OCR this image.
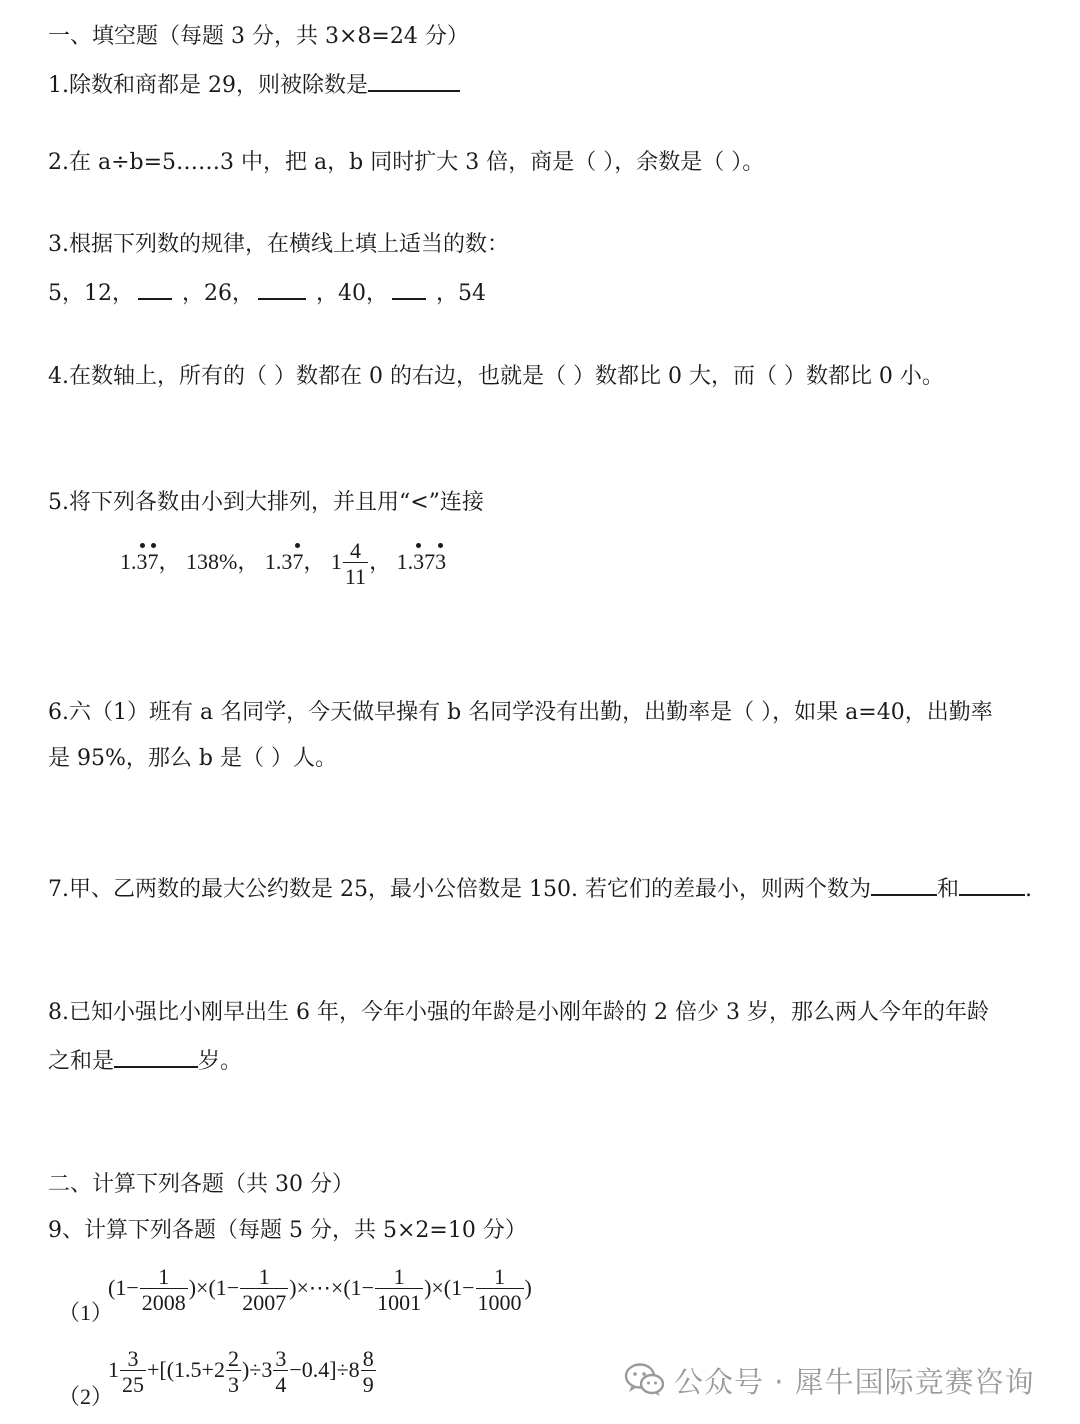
一、填空题（每题 3 分，共 3×8=24 分）
1.除数和商都是 29，则被除数是
2.在 a÷b=5……3 中，把 a，b 同时扩大 3 倍，商是（ ），余数是（ ）。
3.根据下列数的规律，在横线上填上适当的数：
5，12， ，26，	，40， ，54
4.在数轴上，所有的（ ）数都在 0 的右边，也就是（ ）数都比 0 大，而（ ）数都比 0 小。
5.将下列各数由小到大排列，并且用“<”连接
1.37， 138%， 1.37， $1 \frac{4}{11}$ ， 1.373
6.六（1）班有 a 名同学，今天做早操有 b 名同学没有出勤，出勤率是（ ），如果 a=40，出勤率
是 95%，那么 b 是（ ）人。
7.甲、乙两数的最大公约数是 25，最小公倍数是 150. 若它们的差最小，则两个数为	和	.
8.已知小强比小刚早出生 6 年，今年小强的年龄是小刚年龄的 2 倍少 3 岁，那么两人今年的年龄
之和是	岁。
二、计算下列各题（共 30 分）
9、计算下列各题（每题 5 分，共 5×2=10 分）
（1）
$(1- \frac{1}{2008} )\times(1- \frac{1}{2007}$ )×⋯×(1− $\frac{1}{1001} )\times(1- \frac{1}{1000}$ )
（2）
$1 \frac{3}{25} +[(1.5+2 \frac{2}{3} )\div 3 \frac{3}{4} -0.4]\div 8 \frac{8}{9}$	公众号 · 犀牛国际竞赛咨询
